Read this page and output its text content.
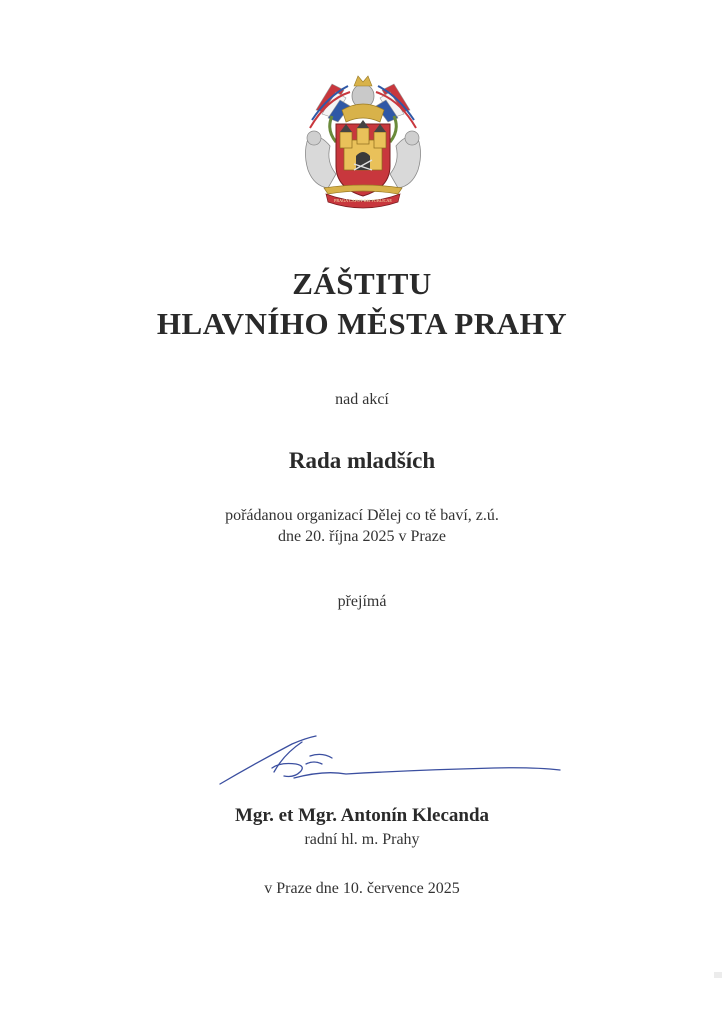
PRAGA CAPUT REI PUBLICAE
ZÁŠTITU
HLAVNÍHO MĚSTA PRAHY
nad akcí
Rada mladších
pořádanou organizací Dělej co tě baví, z.ú.
dne 20. října 2025 v Praze
přejímá
Mgr. et Mgr. Antonín Klecanda
radní hl. m. Prahy
v Praze dne 10. července 2025
